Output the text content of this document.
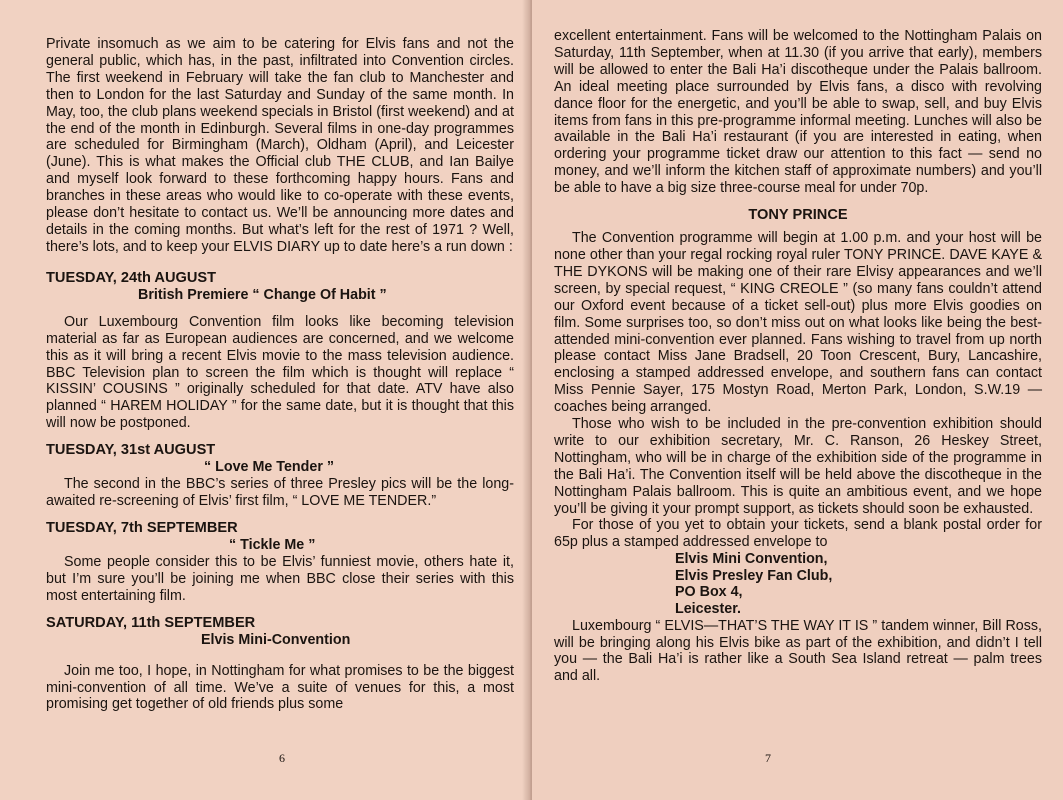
Private insomuch as we aim to be catering for Elvis fans and not the general public, which has, in the past, infiltrated into Convention circles. The first weekend in February will take the fan club to Manchester and then to London for the last Saturday and Sunday of the same month. In May, too, the club plans weekend specials in Bristol (first weekend) and at the end of the month in Edinburgh. Several films in one-day programmes are scheduled for Birmingham (March), Oldham (April), and Leicester (June). This is what makes the Official club THE CLUB, and Ian Bailye and myself look forward to these forthcoming happy hours. Fans and branches in these areas who would like to co-operate with these events, please don’t hesitate to contact us. We’ll be announcing more dates and details in the coming months. But what’s left for the rest of 1971 ? Well, there’s lots, and to keep your ELVIS DIARY up to date here’s a run down :

TUESDAY, 24th AUGUST
British Premiere “ Change Of Habit ”

Our Luxembourg Convention film looks like becoming television material as far as European audiences are concerned, and we welcome this as it will bring a recent Elvis movie to the mass television audience. BBC Television plan to screen the film which is thought will replace “ KISSIN’ COUSINS ” originally scheduled for that date. ATV have also planned “ HAREM HOLIDAY ” for the same date, but it is thought that this will now be postponed.

TUESDAY, 31st AUGUST
“ Love Me Tender ”

The second in the BBC’s series of three Presley pics will be the long-awaited re-screening of Elvis’ first film, “ LOVE ME TENDER.”

TUESDAY, 7th SEPTEMBER
“ Tickle Me ”

Some people consider this to be Elvis’ funniest movie, others hate it, but I’m sure you’ll be joining me when BBC close their series with this most entertaining film.

SATURDAY, 11th SEPTEMBER
Elvis Mini-Convention

Join me too, I hope, in Nottingham for what promises to be the biggest mini-convention of all time. We’ve a suite of venues for this, a most promising get together of old friends plus some

6

excellent entertainment. Fans will be welcomed to the Nottingham Palais on Saturday, 11th September, when at 11.30 (if you arrive that early), members will be allowed to enter the Bali Ha’i discotheque under the Palais ballroom. An ideal meeting place surrounded by Elvis fans, a disco with revolving dance floor for the energetic, and you’ll be able to swap, sell, and buy Elvis items from fans in this pre-programme informal meeting. Lunches will also be available in the Bali Ha’i restaurant (if you are interested in eating, when ordering your programme ticket draw our attention to this fact — send no money, and we’ll inform the kitchen staff of approximate numbers) and you’ll be able to have a big size three-course meal for under 70p.

TONY PRINCE

The Convention programme will begin at 1.00 p.m. and your host will be none other than your regal rocking royal ruler TONY PRINCE. DAVE KAYE & THE DYKONS will be making one of their rare Elvisy appearances and we’ll screen, by special request, “ KING CREOLE ” (so many fans couldn’t attend our Oxford event because of a ticket sell-out) plus more Elvis goodies on film. Some surprises too, so don’t miss out on what looks like being the best-attended mini-convention ever planned. Fans wishing to travel from up north please contact Miss Jane Bradsell, 20 Toon Crescent, Bury, Lancashire, enclosing a stamped addressed envelope, and southern fans can contact Miss Pennie Sayer, 175 Mostyn Road, Merton Park, London, S.W.19 — coaches being arranged.

Those who wish to be included in the pre-convention exhibition should write to our exhibition secretary, Mr. C. Ranson, 26 Heskey Street, Nottingham, who will be in charge of the exhibition side of the programme in the Bali Ha’i. The Convention itself will be held above the discotheque in the Nottingham Palais ballroom. This is quite an ambitious event, and we hope you’ll be giving it your prompt support, as tickets should soon be exhausted.

For those of you yet to obtain your tickets, send a blank postal order for 65p plus a stamped addressed envelope to

Elvis Mini Convention,
Elvis Presley Fan Club,
PO Box 4,
Leicester.

Luxembourg “ ELVIS—THAT’S THE WAY IT IS ” tandem winner, Bill Ross, will be bringing along his Elvis bike as part of the exhibition, and didn’t I tell you — the Bali Ha’i is rather like a South Sea Island retreat — palm trees and all.

7
